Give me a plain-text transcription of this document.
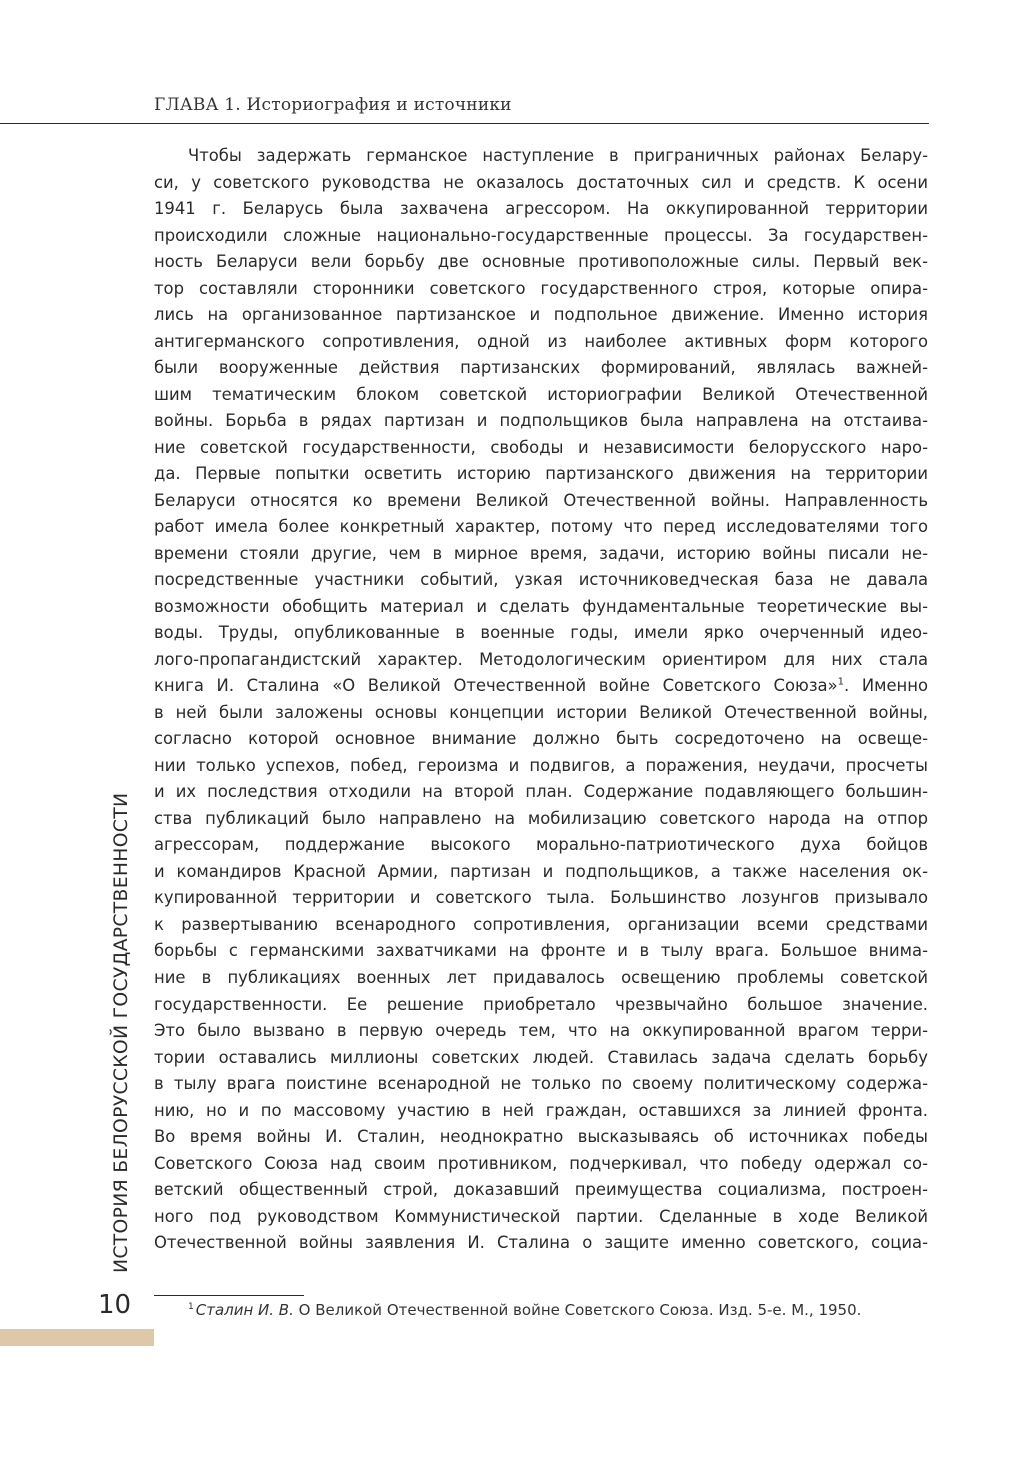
ГЛАВА 1. Историография и источники
Чтобы задержать германское наступление в приграничных районах Белару-
си, у советского руководства не оказалось достаточных сил и средств. К осени
1941 г. Беларусь была захвачена агрессором. На оккупированной территории
происходили сложные национально-государственные процессы. За государствен-
ность Беларуси вели борьбу две основные противоположные силы. Первый век-
тор составляли сторонники советского государственного строя, которые опира-
лись на организованное партизанское и подпольное движение. Именно история
антигерманского сопротивления, одной из наиболее активных форм которого
были вооруженные действия партизанских формирований, являлась важней-
шим тематическим блоком советской историографии Великой Отечественной
войны. Борьба в рядах партизан и подпольщиков была направлена на отстаива-
ние советской государственности, свободы и независимости белорусского наро-
да. Первые попытки осветить историю партизанского движения на территории
Беларуси относятся ко времени Великой Отечественной войны. Направленность
работ имела более конкретный характер, потому что перед исследователями того
времени стояли другие, чем в мирное время, задачи, историю войны писали не-
посредственные участники событий, узкая источниковедческая база не давала
возможности обобщить материал и сделать фундаментальные теоретические вы-
воды. Труды, опубликованные в военные годы, имели ярко очерченный идео-
лого-пропагандистский характер. Методологическим ориентиром для них стала
книга И. Сталина «О Великой Отечественной войне Советского Союза»$^1$. Именно
в ней были заложены основы концепции истории Великой Отечественной войны,
согласно которой основное внимание должно быть сосредоточено на освеще-
нии только успехов, побед, героизма и подвигов, а поражения, неудачи, просчеты
и их последствия отходили на второй план. Содержание подавляющего большин-
ства публикаций было направлено на мобилизацию советского народа на отпор
агрессорам, поддержание высокого морально-патриотического духа бойцов
и командиров Красной Армии, партизан и подпольщиков, а также населения ок-
купированной территории и советского тыла. Большинство лозунгов призывало
к развертыванию всенародного сопротивления, организации всеми средствами
борьбы с германскими захватчиками на фронте и в тылу врага. Большое внима-
ние в публикациях военных лет придавалось освещению проблемы советской
государственности. Ее решение приобретало чрезвычайно большое значение.
Это было вызвано в первую очередь тем, что на оккупированной врагом терри-
тории оставались миллионы советских людей. Ставилась задача сделать борьбу
в тылу врага поистине всенародной не только по своему политическому содержа-
нию, но и по массовому участию в ней граждан, оставшихся за линией фронта.
Во время войны И. Сталин, неоднократно высказываясь об источниках победы
Советского Союза над своим противником, подчеркивал, что победу одержал со-
ветский общественный строй, доказавший преимущества социализма, построен-
ного под руководством Коммунистической партии. Сделанные в ходе Великой
Отечественной войны заявления И. Сталина о защите именно советского, социа-
ИСТОРИЯ БЕЛОРУССКОЙ ГОСУДАРСТВЕННОСТИ
10	$^1$ Сталин И. В. О Великой Отечественной войне Советского Союза. Изд. 5-е. М., 1950.
